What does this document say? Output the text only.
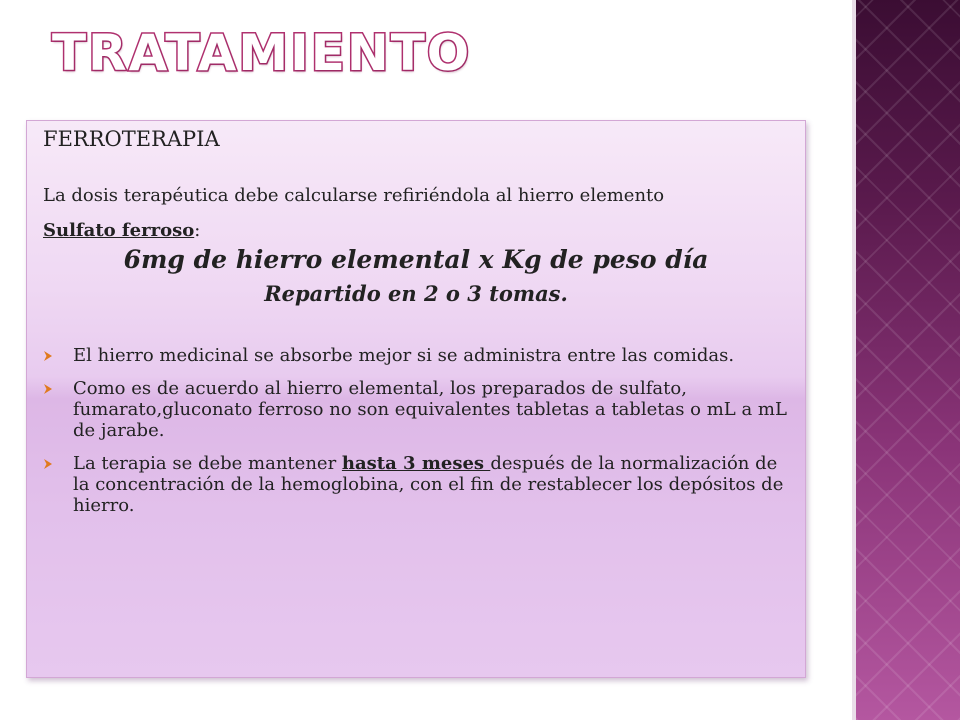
TRATAMIENTO

FERROTERAPIA

La dosis terapéutica debe calcularse refiriéndola al hierro elemento

Sulfato ferroso:

6mg de hierro elemental x Kg de peso día

Repartido en 2 o 3 tomas.

El hierro medicinal se absorbe mejor si se administra entre las comidas.
Como es de acuerdo al hierro elemental, los preparados de sulfato, fumarato,gluconato ferroso no son equivalentes tabletas a tabletas o mL a mL de jarabe.
La terapia se debe mantener hasta 3 meses después de la normalización de la concentración de la hemoglobina, con el fin de restablecer los depósitos de hierro.
